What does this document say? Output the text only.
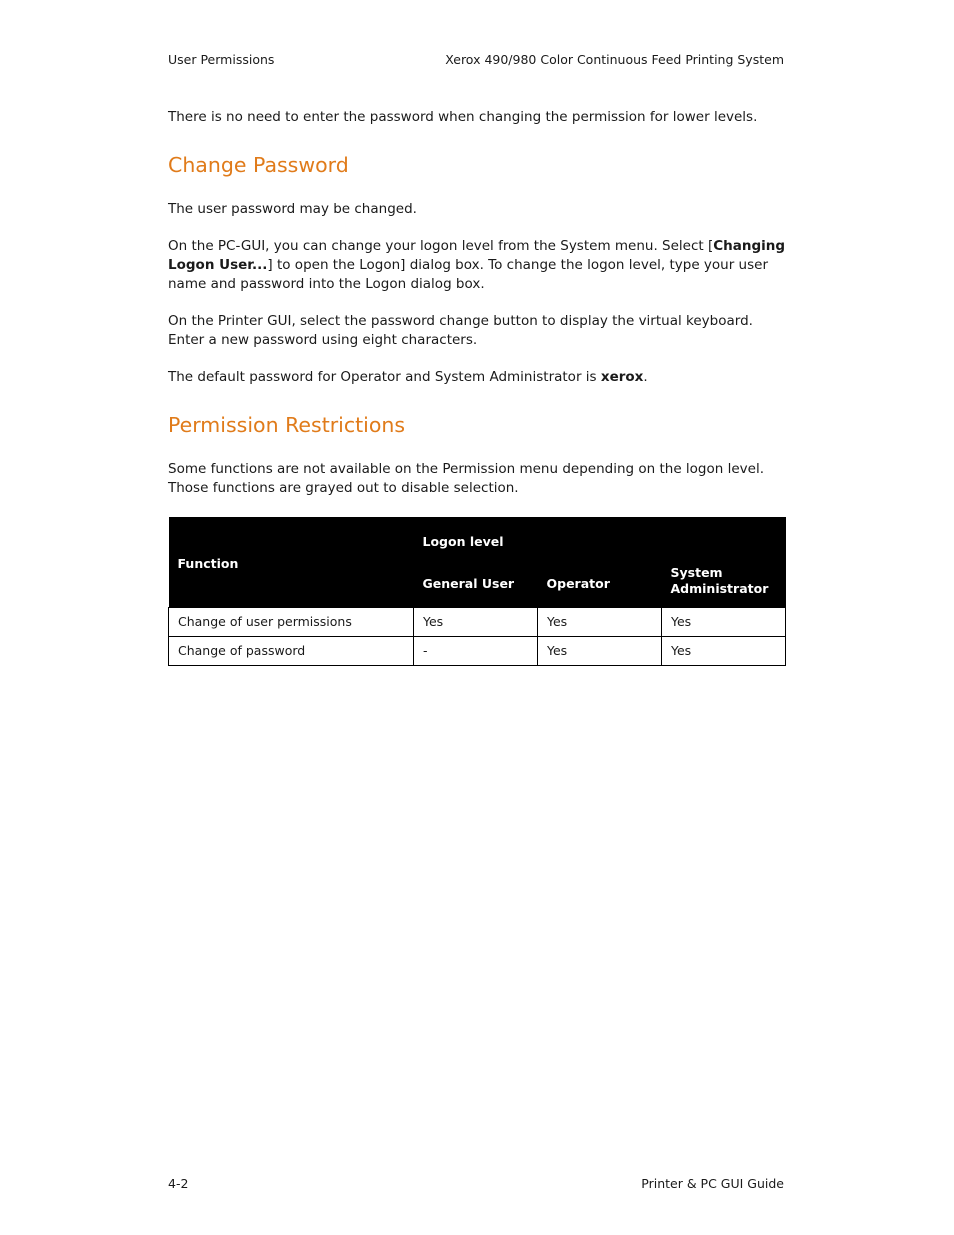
User Permissions	Xerox 490/980 Color Continuous Feed Printing System

There is no need to enter the password when changing the permission for lower levels.

Change Password

The user password may be changed.

On the PC-GUI, you can change your logon level from the System menu. Select [Changing Logon User...] to open the Logon] dialog box. To change the logon level, type your user name and password into the Logon dialog box.

On the Printer GUI, select the password change button to display the virtual keyboard. Enter a new password using eight characters.

The default password for Operator and System Administrator is xerox.

Permission Restrictions

Some functions are not available on the Permission menu depending on the logon level. Those functions are grayed out to disable selection.

Function	Logon level		
	General User	Operator	System Administrator
Change of user permissions	Yes	Yes	Yes
Change of password	-	Yes	Yes
4-2	Printer & PC GUI Guide
